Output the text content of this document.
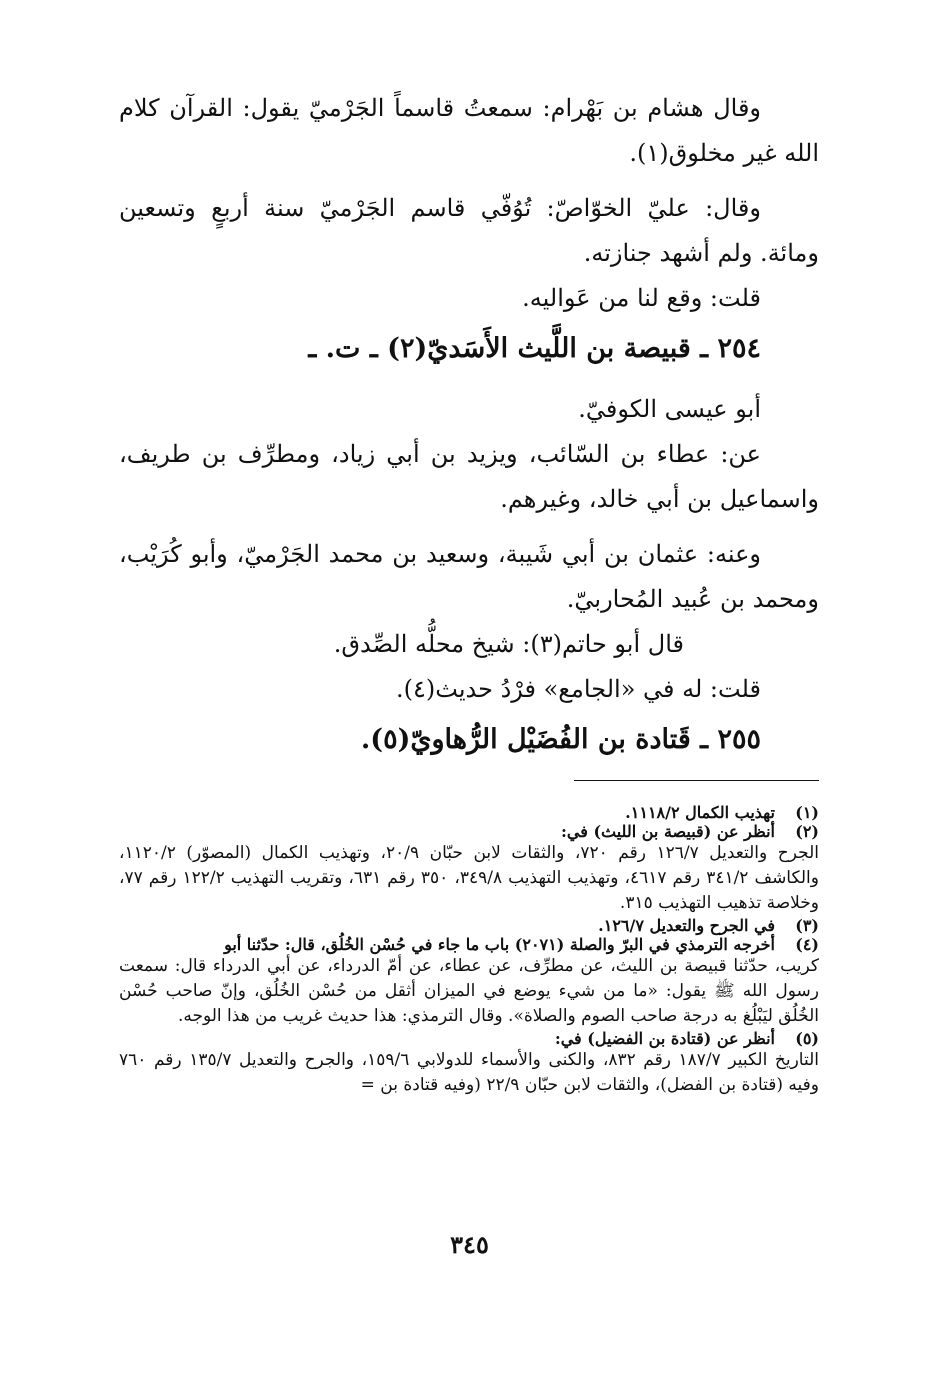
وقال هشام بن بَهْرام: سمعتُ قاسماً الجَرْميّ يقول: القرآن كلام الله غير مخلوق(١).

وقال: عليّ الخوّاصّ: تُوُفّي قاسم الجَرْميّ سنة أربعٍ وتسعين ومائة. ولم أشهد جنازته.

قلت: وقع لنا من عَواليه.

٢٥٤ ـ قبيصة بن اللَّيث الأَسَديّ(٢) ـ ت. ـ

أبو عيسى الكوفيّ.

عن: عطاء بن السّائب، ويزيد بن أبي زياد، ومطرِّف بن طريف، واسماعيل بن أبي خالد، وغيرهم.

وعنه: عثمان بن أبي شَيبة، وسعيد بن محمد الجَرْميّ، وأبو كُرَيْب، ومحمد بن عُبيد المُحاربيّ.

قال أبو حاتم(٣): شيخ محلُّه الصِّدق.

قلت: له في «الجامع» فرْدُ حديث(٤).

٢٥٥ ـ قَتادة بن الفُضَيْل الرُّهاويّ(٥).

(١)
تهذيب الكمال ١١١٨/٢.
(٢)
أنظر عن (قبيصة بن الليث) في:

الجرح والتعديل ١٢٦/٧ رقم ٧٢٠، والثقات لابن حبّان ٢٠/٩، وتهذيب الكمال (المصوّر) ١١٢٠/٢، والكاشف ٣٤١/٢ رقم ٤٦١٧، وتهذيب التهذيب ٣٤٩/٨، ٣٥٠ رقم ٦٣١، وتقريب التهذيب ١٢٢/٢ رقم ٧٧، وخلاصة تذهيب التهذيب ٣١٥.

(٣)
في الجرح والتعديل ١٢٦/٧.
(٤)
أخرجه الترمذي في البرّ والصلة (٢٠٧١) باب ما جاء في حُسْن الخُلُق، قال: حدّثنا أبو

كريب، حدّثنا قبيصة بن الليث، عن مطرِّف، عن عطاء، عن أمّ الدرداء، عن أبي الدرداء قال: سمعت رسول الله ﷺ يقول: «ما من شيء يوضع في الميزان أثقل من حُسْن الخُلُق، وإنّ صاحب حُسْن الخُلُق ليَبْلُغ به درجة صاحب الصوم والصلاة». وقال الترمذي: هذا حديث غريب من هذا الوجه.

(٥)
أنظر عن (قتادة بن الفضيل) في:

التاريخ الكبير ١٨٧/٧ رقم ٨٣٢، والكنى والأسماء للدولابي ١٥٩/٦، والجرح والتعديل ١٣٥/٧ رقم ٧٦٠ وفيه (قتادة بن الفضل)، والثقات لابن حبّان ٢٢/٩ (وفيه قتادة بن =

٣٤٥
